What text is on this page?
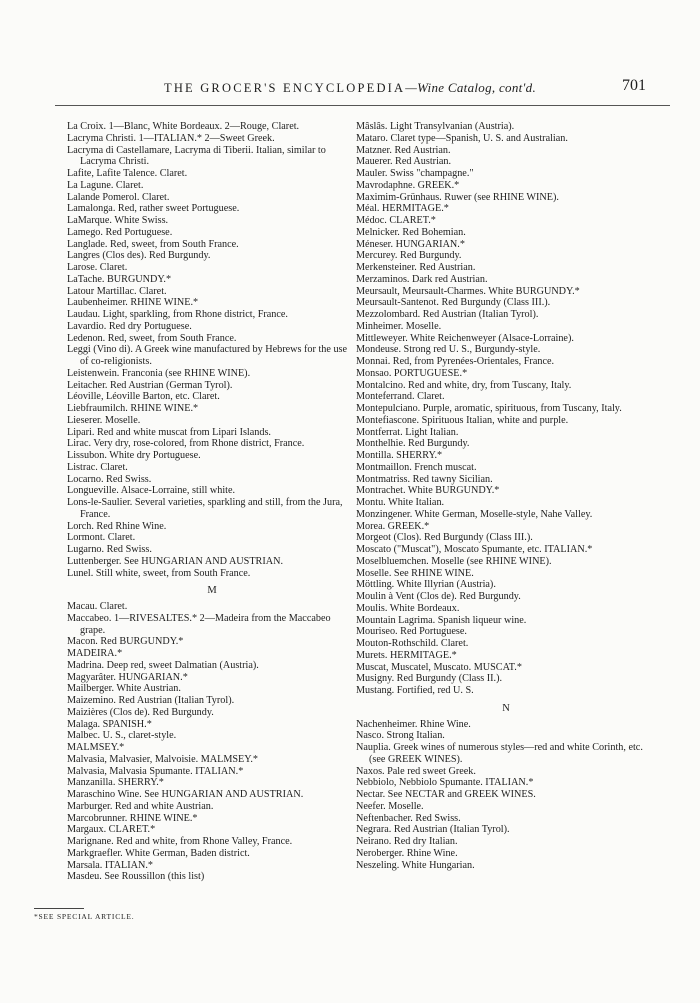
THE GROCER'S ENCYCLOPEDIA—Wine Catalog, cont'd.	701

La Croix. 1—Blanc, White Bordeaux. 2—Rouge, Claret.

Lacryma Christi. 1—ITALIAN.* 2—Sweet Greek.

Lacryma di Castellamare, Lacryma di Tiberii. Italian, similar to Lacryma Christi.

Lafite, Lafite Talence. Claret.

La Lagune. Claret.

Lalande Pomerol. Claret.

Lamalonga. Red, rather sweet Portuguese.

LaMarque. White Swiss.

Lamego. Red Portuguese.

Langlade. Red, sweet, from South France.

Langres (Clos des). Red Burgundy.

Larose. Claret.

LaTache. BURGUNDY.*

Latour Martillac. Claret.

Laubenheimer. RHINE WINE.*

Laudau. Light, sparkling, from Rhone district, France.

Lavardio. Red dry Portuguese.

Ledenon. Red, sweet, from South France.

Leggi (Vino di). A Greek wine manufactured by Hebrews for the use of co-religionists.

Leistenwein. Franconia (see RHINE WINE).

Leitacher. Red Austrian (German Tyrol).

Léoville, Léoville Barton, etc. Claret.

Liebfraumilch. RHINE WINE.*

Lieserer. Moselle.

Lipari. Red and white muscat from Lipari Islands.

Lirac. Very dry, rose-colored, from Rhone district, France.

Lissubon. White dry Portuguese.

Listrac. Claret.

Locarno. Red Swiss.

Longueville. Alsace-Lorraine, still white.

Lons-le-Saulier. Several varieties, sparkling and still, from the Jura, France.

Lorch. Red Rhine Wine.

Lormont. Claret.

Lugarno. Red Swiss.

Luttenberger. See HUNGARIAN AND AUSTRIAN.

Lunel. Still white, sweet, from South France.

M

Macau. Claret.

Maccabeo. 1—RIVESALTES.* 2—Madeira from the Maccabeo grape.

Macon. Red BURGUNDY.*

MADEIRA.*

Madrina. Deep red, sweet Dalmatian (Austria).

Magyarâter. HUNGARIAN.*

Mailberger. White Austrian.

Maizemino. Red Austrian (Italian Tyrol).

Maizières (Clos de). Red Burgundy.

Malaga. SPANISH.*

Malbec. U. S., claret-style.

MALMSEY.*

Malvasia, Malvasier, Malvoisie. MALMSEY.*

Malvasia, Malvasia Spumante. ITALIAN.*

Manzanilla. SHERRY.*

Maraschino Wine. See HUNGARIAN AND AUSTRIAN.

Marburger. Red and white Austrian.

Marcobrunner. RHINE WINE.*

Margaux. CLARET.*

Marignane. Red and white, from Rhone Valley, France.

Markgraefler. White German, Baden district.

Marsala. ITALIAN.*

Masdeu. See Roussillon (this list)

Mâslâs. Light Transylvanian (Austria).

Mataro. Claret type—Spanish, U. S. and Australian.

Matzner. Red Austrian.

Mauerer. Red Austrian.

Mauler. Swiss "champagne."

Mavrodaphne. GREEK.*

Maximim-Grünhaus. Ruwer (see RHINE WINE).

Méal. HERMITAGE.*

Médoc. CLARET.*

Melnicker. Red Bohemian.

Méneser. HUNGARIAN.*

Mercurey. Red Burgundy.

Merkensteiner. Red Austrian.

Merzaminos. Dark red Austrian.

Meursault, Meursault-Charmes. White BURGUNDY.*

Meursault-Santenot. Red Burgundy (Class III.).

Mezzolombard. Red Austrian (Italian Tyrol).

Minheimer. Moselle.

Mittleweyer. White Reichenweyer (Alsace-Lorraine).

Mondeuse. Strong red U. S., Burgundy-style.

Monnai. Red, from Pyrenées-Orientales, France.

Monsao. PORTUGUESE.*

Montalcino. Red and white, dry, from Tuscany, Italy.

Monteferrand. Claret.

Montepulciano. Purple, aromatic, spirituous, from Tuscany, Italy.

Montefiascone. Spirituous Italian, white and purple.

Montferrat. Light Italian.

Monthelhie. Red Burgundy.

Montilla. SHERRY.*

Montmaillon. French muscat.

Montmatriss. Red tawny Sicilian.

Montrachet. White BURGUNDY.*

Montu. White Italian.

Monzingener. White German, Moselle-style, Nahe Valley.

Morea. GREEK.*

Morgeot (Clos). Red Burgundy (Class III.).

Moscato ("Muscat"), Moscato Spumante, etc. ITALIAN.*

Moselbluemchen. Moselle (see RHINE WINE).

Moselle. See RHINE WINE.

Möttling. White Illyrian (Austria).

Moulin à Vent (Clos de). Red Burgundy.

Moulis. White Bordeaux.

Mountain Lagrima. Spanish liqueur wine.

Mouriseo. Red Portuguese.

Mouton-Rothschild. Claret.

Murets. HERMITAGE.*

Muscat, Muscatel, Muscato. MUSCAT.*

Musigny. Red Burgundy (Class II.).

Mustang. Fortified, red U. S.

N

Nachenheimer. Rhine Wine.

Nasco. Strong Italian.

Nauplia. Greek wines of numerous styles—red and white Corinth, etc. (see GREEK WINES).

Naxos. Pale red sweet Greek.

Nebbiolo, Nebbiolo Spumante. ITALIAN.*

Nectar. See NECTAR and GREEK WINES.

Neefer. Moselle.

Neftenbacher. Red Swiss.

Negrara. Red Austrian (Italian Tyrol).

Neirano. Red dry Italian.

Neroberger. Rhine Wine.

Neszeling. White Hungarian.

*SEE SPECIAL ARTICLE.
